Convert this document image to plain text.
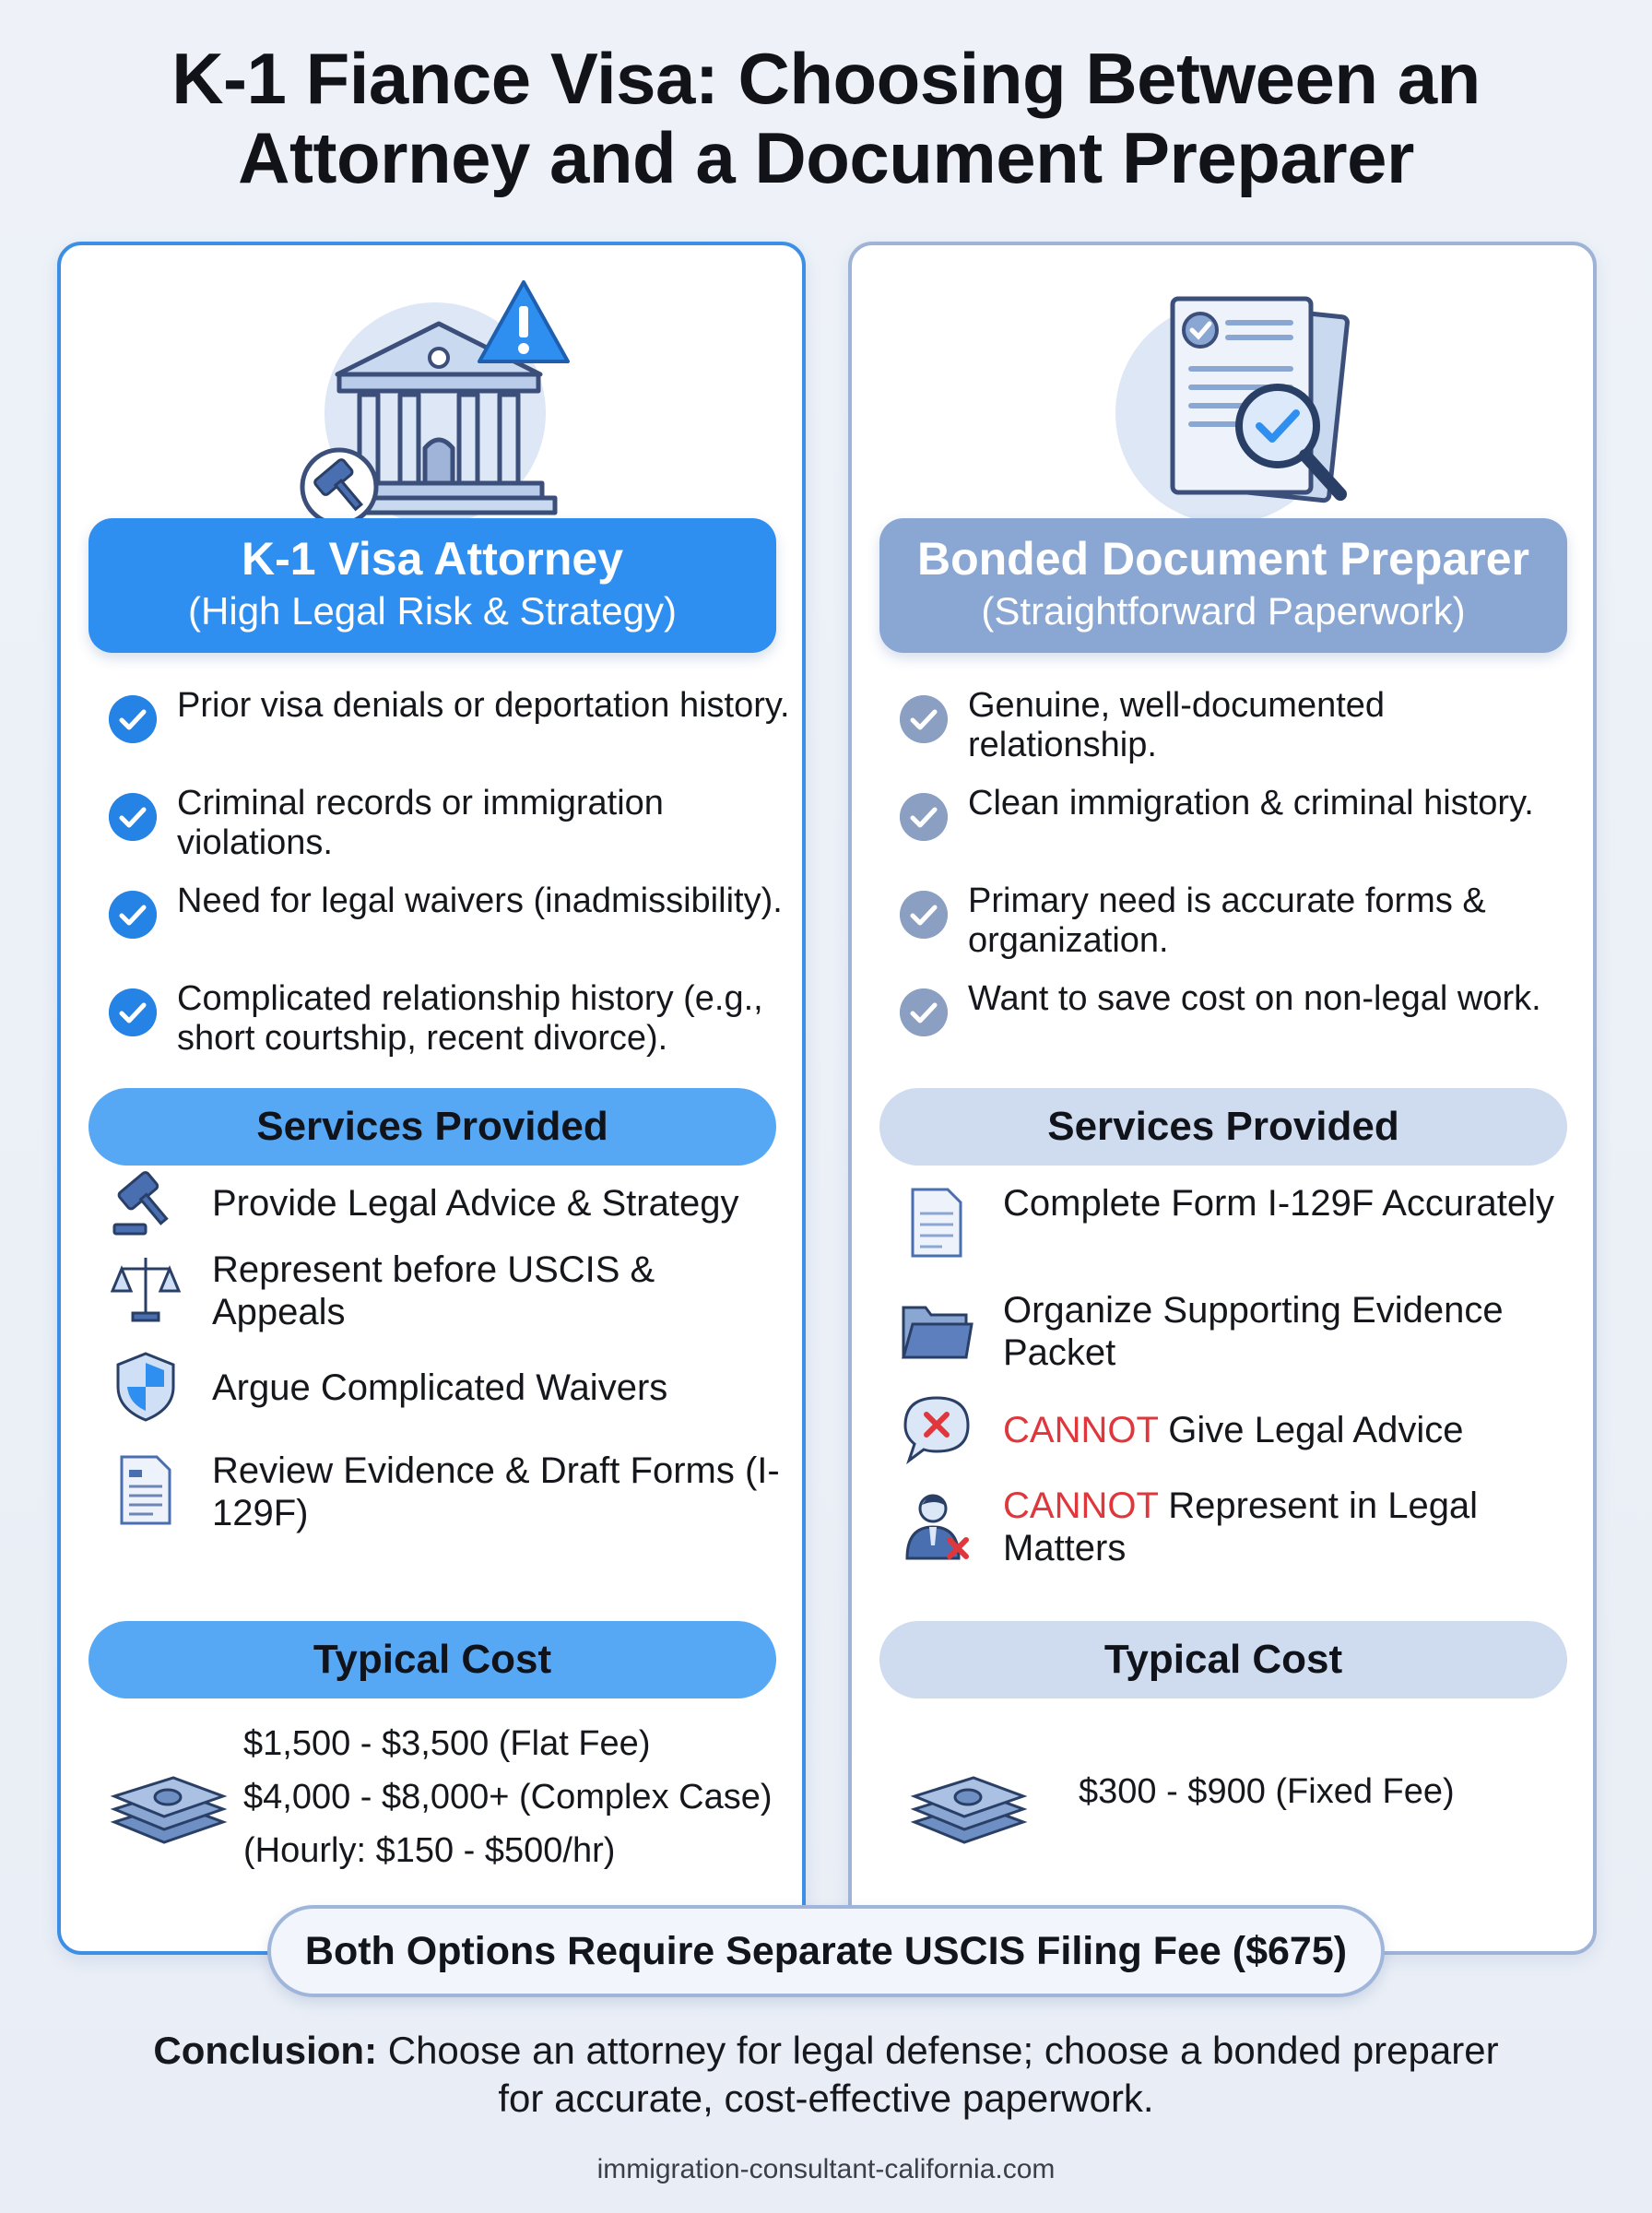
K-1 Fiance Visa: Choosing Between an
Attorney and a Document Preparer
K-1 Visa Attorney
(High Legal Risk & Strategy)
Prior visa denials or deportation history.
Criminal records or immigration violations.
Need for legal waivers (inadmissibility).
Complicated relationship history (e.g., short courtship, recent divorce).
Services Provided
Provide Legal Advice & Strategy
Represent before USCIS & Appeals
Argue Complicated Waivers
Review Evidence & Draft Forms (I-129F)
Typical Cost
$1,500 - $3,500 (Flat Fee)
$4,000 - $8,000+ (Complex Case)
(Hourly: $150 - $500/hr)
Bonded Document Preparer
(Straightforward Paperwork)
Genuine, well-documented relationship.
Clean immigration & criminal history.
Primary need is accurate forms & organization.
Want to save cost on non-legal work.
Services Provided
Complete Form I-129F Accurately
Organize Supporting Evidence Packet
CANNOT Give Legal Advice
CANNOT Represent in Legal Matters
Typical Cost
$300 - $900 (Fixed Fee)
Both Options Require Separate USCIS Filing Fee ($675)
Conclusion: Choose an attorney for legal defense; choose a bonded preparer for accurate, cost-effective paperwork.
immigration-consultant-california.com
